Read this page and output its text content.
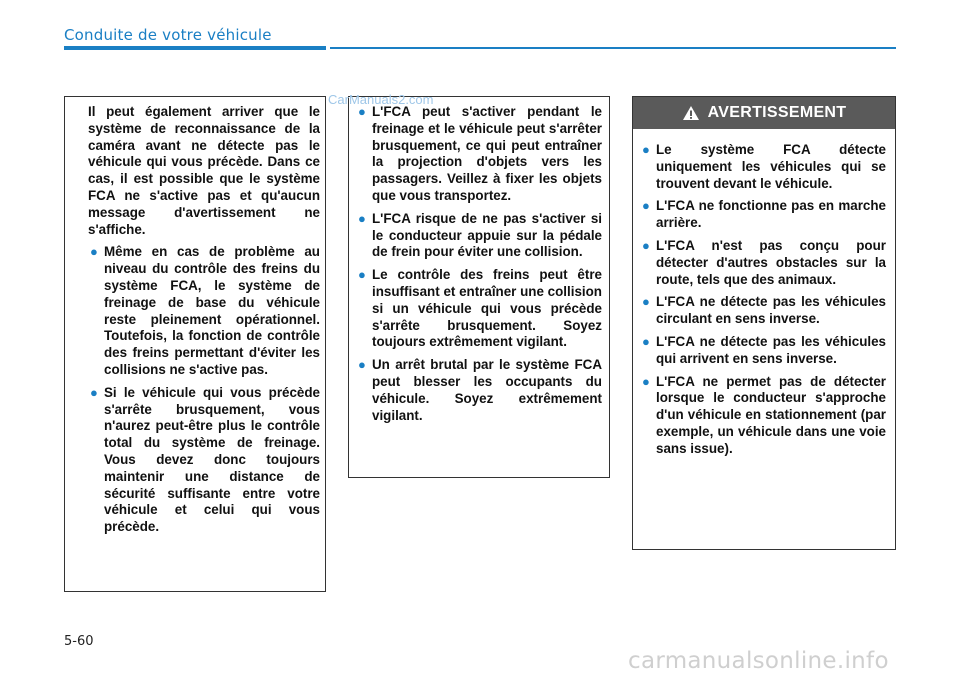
Conduite de votre véhicule
Il peut également arriver que le système de reconnaissance de la caméra avant ne détecte pas le véhicule qui vous précède. Dans ce cas, il est possible que le système FCA ne s'active pas et qu'aucun message d'avertissement ne s'affiche.
● Même en cas de problème au niveau du contrôle des freins du système FCA, le système de freinage de base du véhicule reste pleinement opérationnel. Toutefois, la fonction de contrôle des freins permettant d'éviter les collisions ne s'active pas.
● Si le véhicule qui vous précède s'arrête brusquement, vous n'aurez peut-être plus le contrôle total du système de freinage. Vous devez donc toujours maintenir une distance de sécurité suffisante entre votre véhicule et celui qui vous précède.
● L'FCA peut s'activer pendant le freinage et le véhicule peut s'arrêter brusquement, ce qui peut entraîner la projection d'objets vers les passagers. Veillez à fixer les objets que vous transportez.
● L'FCA risque de ne pas s'activer si le conducteur appuie sur la pédale de frein pour éviter une collision.
● Le contrôle des freins peut être insuffisant et entraîner une collision si un véhicule qui vous précède s'arrête brusquement. Soyez toujours extrêmement vigilant.
● Un arrêt brutal par le système FCA peut blesser les occupants du véhicule. Soyez extrêmement vigilant.
AVERTISSEMENT
● Le système FCA détecte uniquement les véhicules qui se trouvent devant le véhicule.
● L'FCA ne fonctionne pas en marche arrière.
● L'FCA n'est pas conçu pour détecter d'autres obstacles sur la route, tels que des animaux.
● L'FCA ne détecte pas les véhicules circulant en sens inverse.
● L'FCA ne détecte pas les véhicules qui arrivent en sens inverse.
● L'FCA ne permet pas de détecter lorsque le conducteur s'approche d'un véhicule en stationnement (par exemple, un véhicule dans une voie sans issue).
CarManuals2.com
5-60
carmanualsonline.info
